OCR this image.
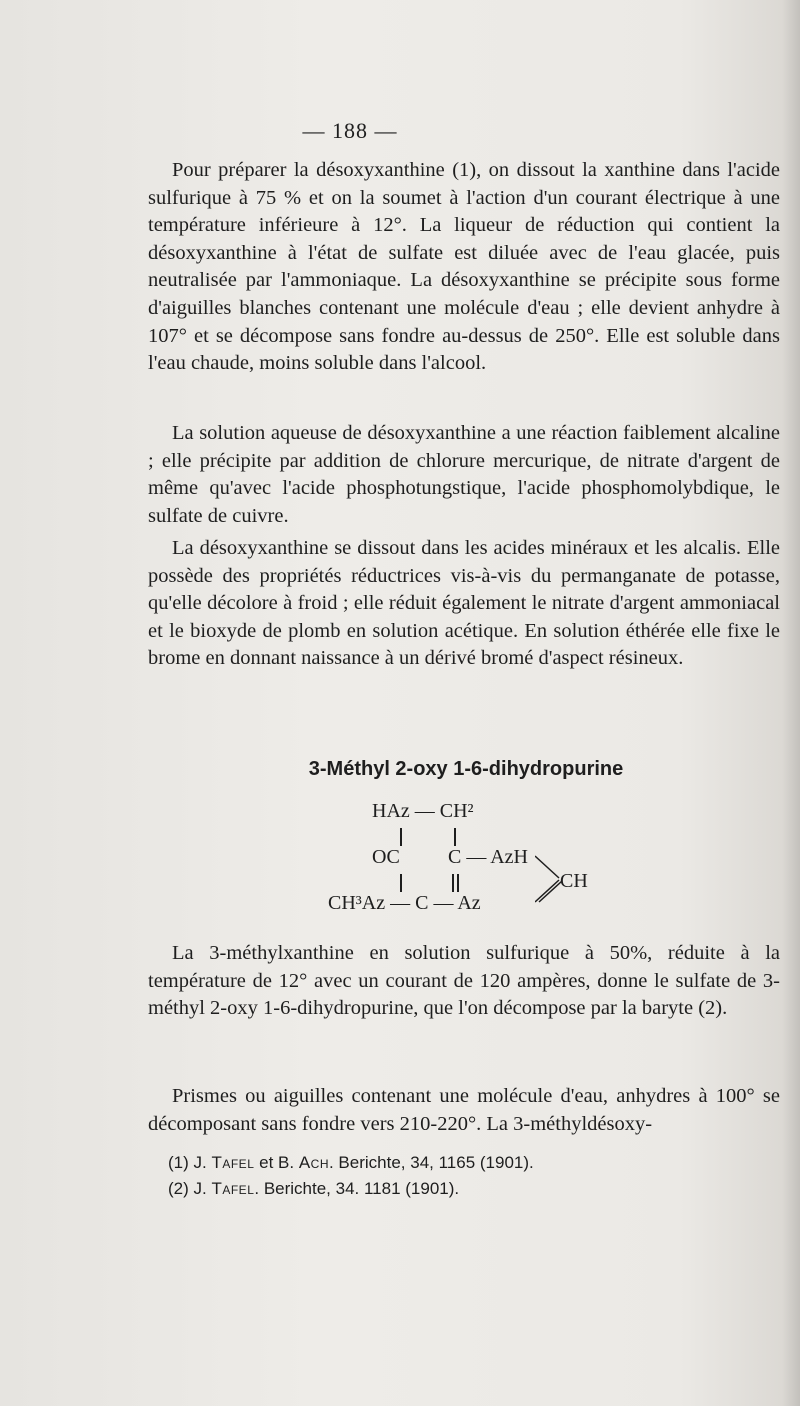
— 188 —

Pour préparer la désoxyxanthine (1), on dissout la xanthine dans l'acide sulfurique à 75 % et on la soumet à l'action d'un courant électrique à une température inférieure à 12°. La liqueur de réduction qui contient la désoxyxanthine à l'état de sulfate est diluée avec de l'eau glacée, puis neutralisée par l'ammoniaque. La désoxyxanthine se précipite sous forme d'aiguilles blanches contenant une molécule d'eau ; elle devient anhydre à 107° et se décompose sans fondre au-dessus de 250°. Elle est soluble dans l'eau chaude, moins soluble dans l'alcool.

La solution aqueuse de désoxyxanthine a une réaction faiblement alcaline ; elle précipite par addition de chlorure mercurique, de nitrate d'argent de même qu'avec l'acide phosphotungstique, l'acide phosphomolybdique, le sulfate de cuivre.

La désoxyxanthine se dissout dans les acides minéraux et les alcalis. Elle possède des propriétés réductrices vis-à-vis du permanganate de potasse, qu'elle décolore à froid ; elle réduit également le nitrate d'argent ammoniacal et le bioxyde de plomb en solution acétique. En solution éthérée elle fixe le brome en donnant naissance à un dérivé bromé d'aspect résineux.

3-Méthyl 2-oxy 1-6-dihydropurine
HAz — CH²
OC C — AzH
CH
CH³Az — C — Az

La 3-méthylxanthine en solution sulfurique à 50%, réduite à la température de 12° avec un courant de 120 ampères, donne le sulfate de 3-méthyl 2-oxy 1-6-dihydropurine, que l'on décompose par la baryte (2).

Prismes ou aiguilles contenant une molécule d'eau, anhydres à 100° se décomposant sans fondre vers 210-220°. La 3-méthyldésoxy-

(1) J. Tafel et B. Ach. Berichte, 34, 1165 (1901).
(2) J. Tafel. Berichte, 34. 1181 (1901).
